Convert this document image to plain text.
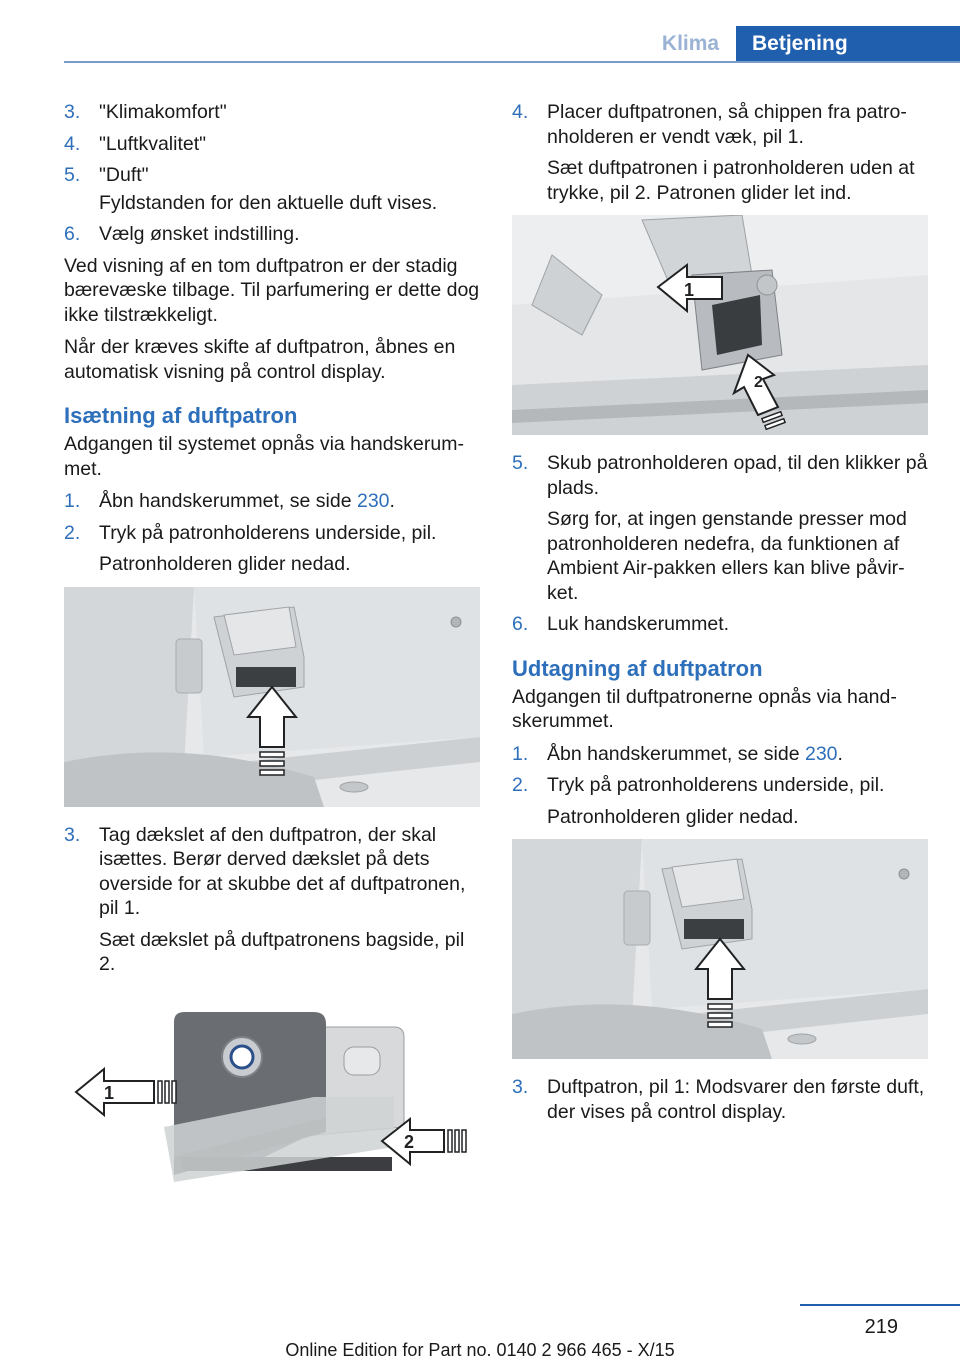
Klima	Betjening
3. "Klimakomfort"

4. "Luftkvalitet"

5. "Duft"

Fyldstanden for den aktuelle duft vises.

6. Vælg ønsket indstilling.

Ved visning af en tom duftpatron er der stadig bærevæske tilbage. Til parfumering er dette dog ikke tilstrækkeligt.

Når der kræves skifte af duftpatron, åbnes en automatisk visning på control display.

Isætning af duftpatron

Adgangen til systemet opnås via handskerum-met.

1. Åbn handskerummet, se side 230.

2. Tryk på patronholderens underside, pil.

Patronholderen glider nedad.

3. Tag dækslet af den duftpatron, der skal isættes. Berør derved dækslet på dets overside for at skubbe det af duftpatronen, pil 1.

Sæt dækslet på duftpatronens bagside, pil 2.

1
2
4. Placer duftpatronen, så chippen fra patro-nholderen er vendt væk, pil 1.

Sæt duftpatronen i patronholderen uden at trykke, pil 2. Patronen glider let ind.

1
2
5. Skub patronholderen opad, til den klikker på plads.

Sørg for, at ingen genstande presser mod patronholderen nedefra, da funktionen af Ambient Air-pakken ellers kan blive påvir-ket.

6. Luk handskerummet.

Udtagning af duftpatron

Adgangen til duftpatronerne opnås via hand-skerummet.

1. Åbn handskerummet, se side 230.

2. Tryk på patronholderens underside, pil.

Patronholderen glider nedad.

3. Duftpatron, pil 1: Modsvarer den første duft, der vises på control display.

219
Online Edition for Part no. 0140 2 966 465 - X/15
